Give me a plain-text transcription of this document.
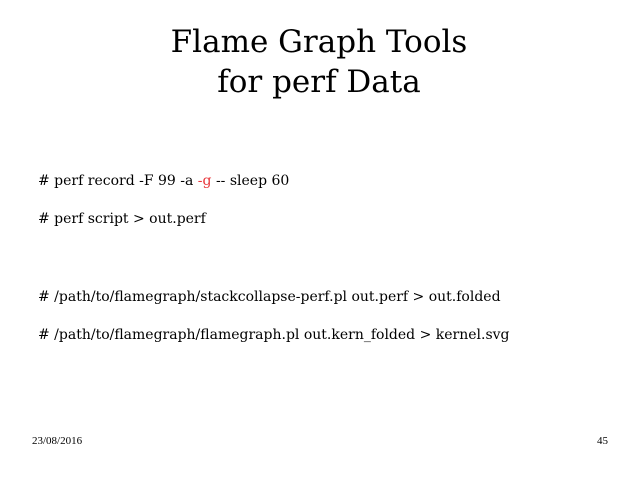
Flame Graph Tools
for perf Data
# perf record -F 99 -a -g -- sleep 60
# perf script > out.perf
# /path/to/flamegraph/stackcollapse-perf.pl out.perf > out.folded
# /path/to/flamegraph/flamegraph.pl out.kern_folded > kernel.svg
23/08/2016	45
